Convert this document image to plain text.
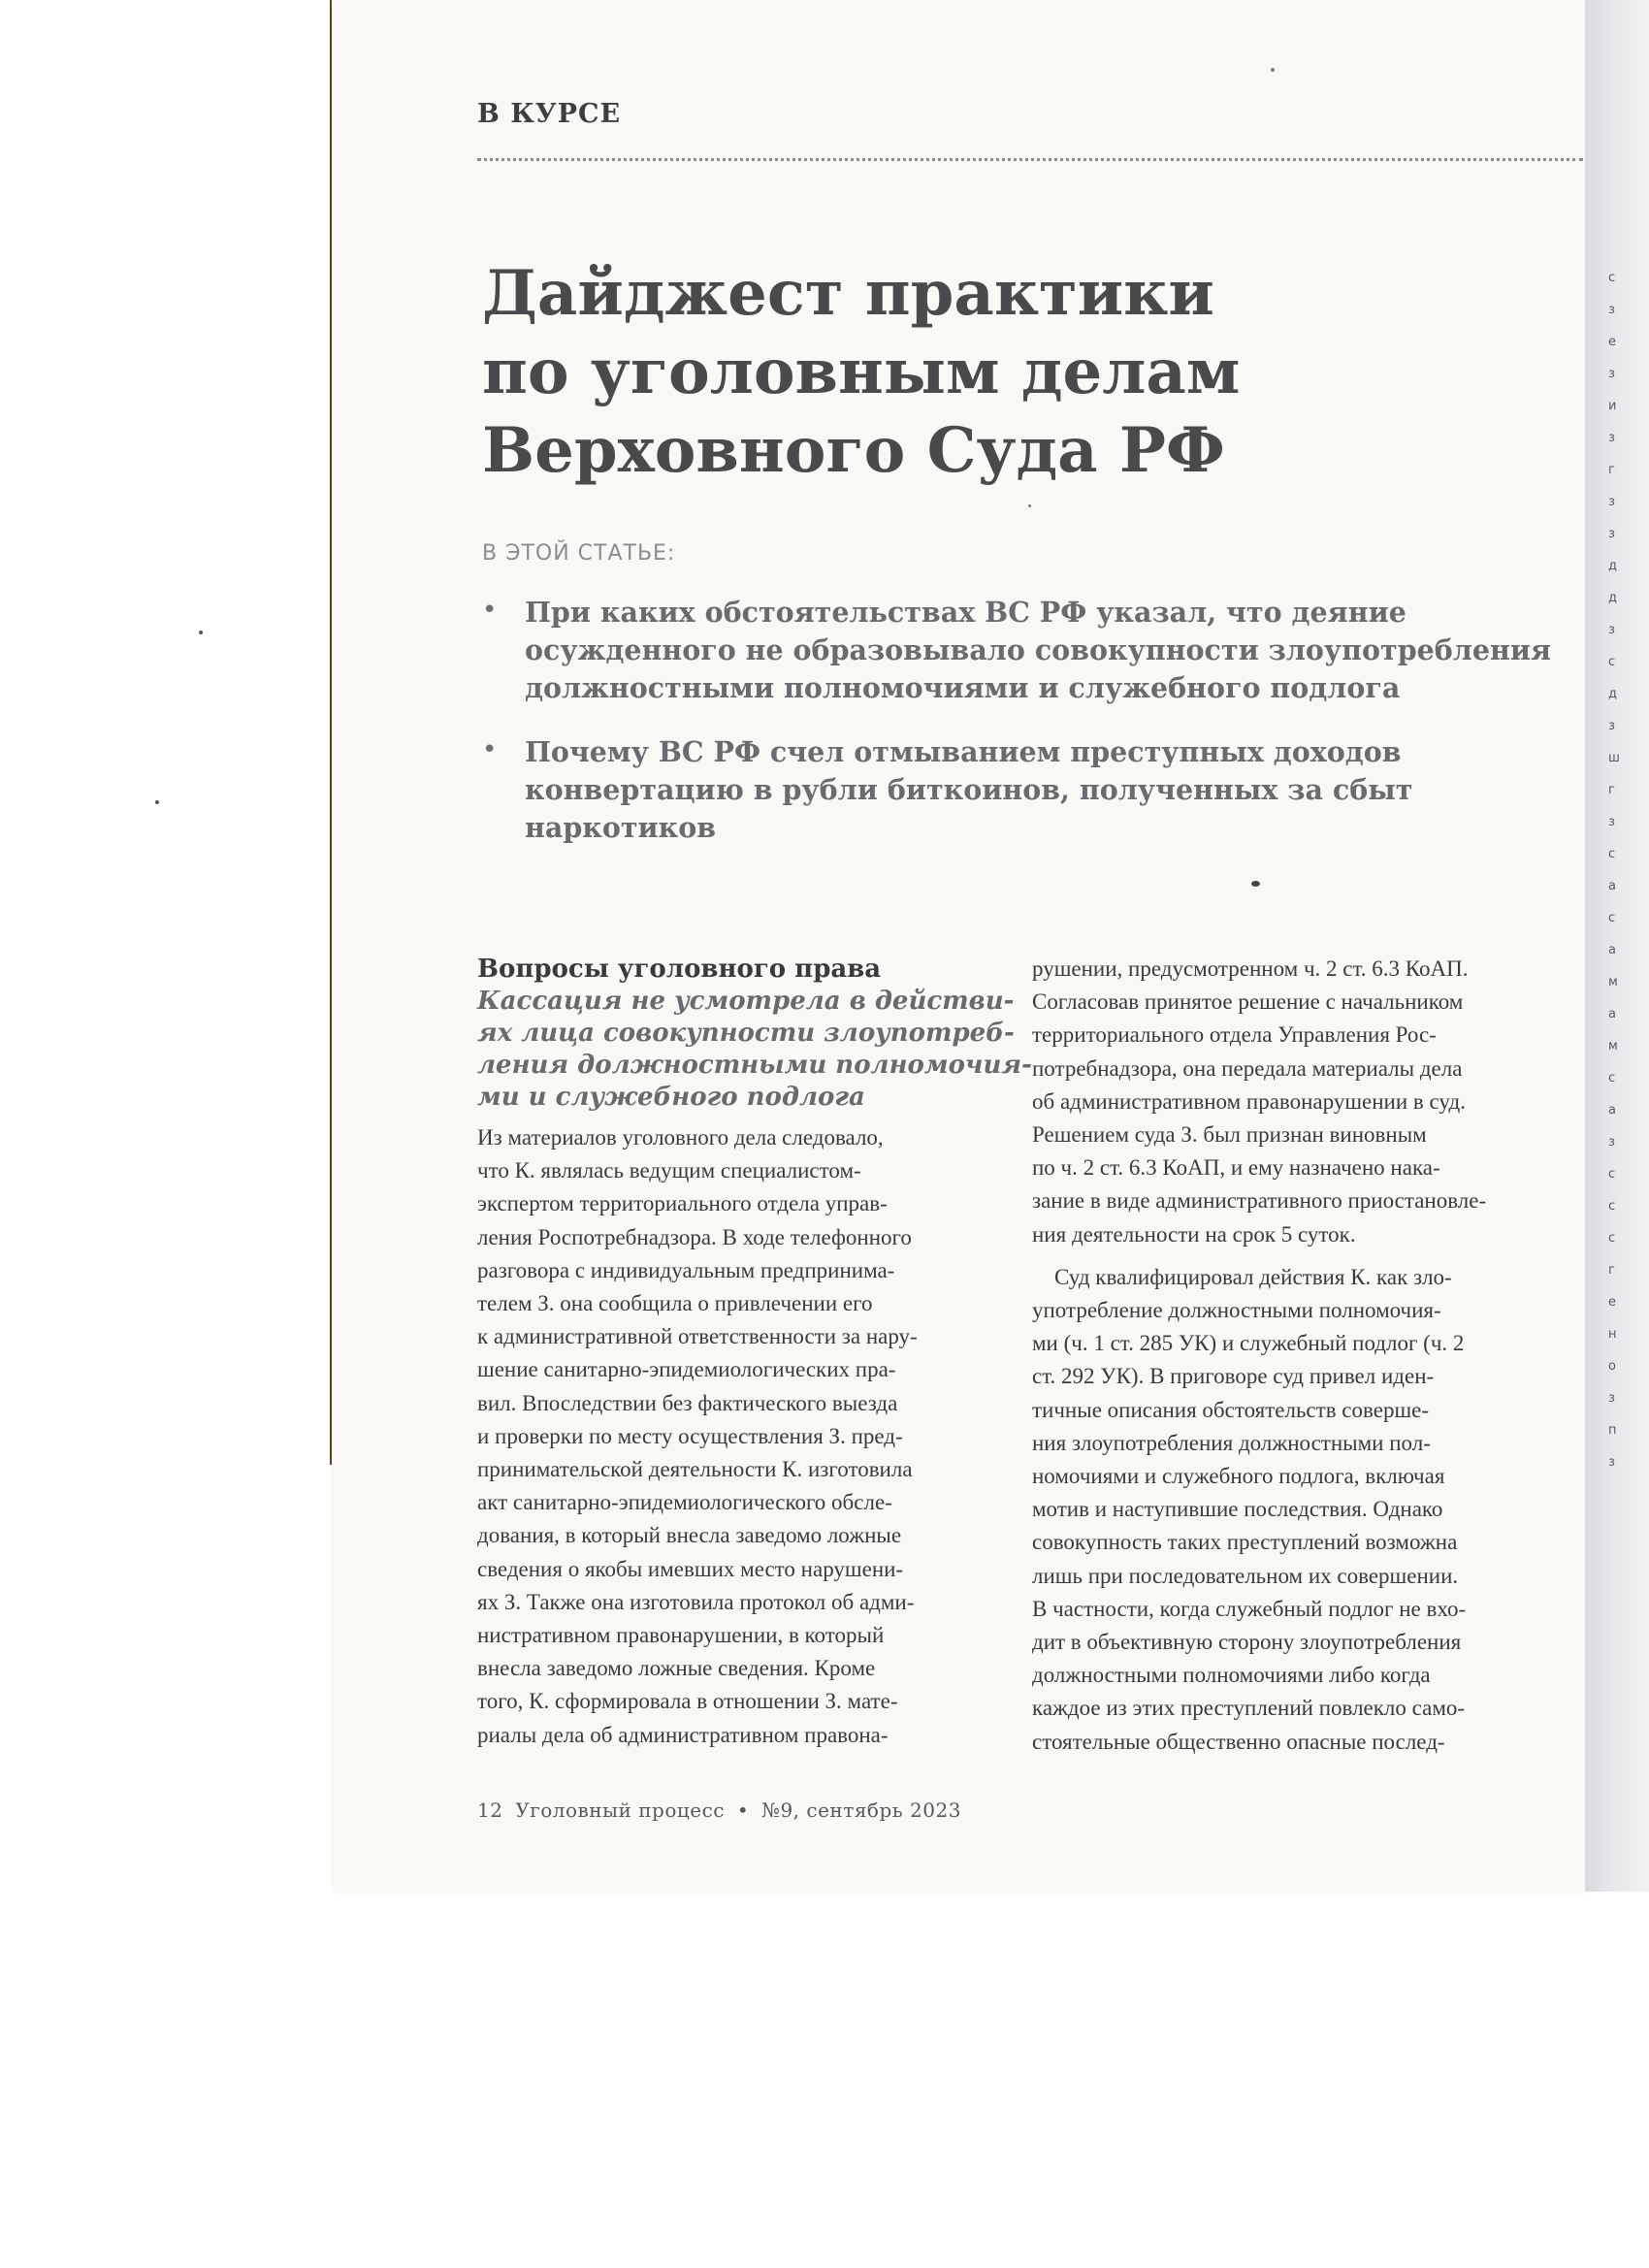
с
з
е
з
и
з
г
з
з
д
д
з
с
д
з
ш
г
з
с
а
с
а
м
а
м
с
а
з
с
с
с
г
е
н
о
з
п
з
В КУРСЕ
Дайджест практики
по уголовным делам
Верховного Суда РФ
В ЭТОЙ СТАТЬЕ:
• При каких обстоятельствах ВС РФ указал, что деяние
осужденного не образовывало совокупности злоупотребления
должностными полномочиями и служебного подлога
• Почему ВС РФ счел отмыванием преступных доходов
конвертацию в рубли биткоинов, полученных за сбыт
наркотиков
Вопросы уголовного права
Кассация не усмотрела в действи-
ях лица совокупности злоупотреб-
ления должностными полномочия-
ми и служебного подлога
Из материалов уголовного дела следовало,
что К. являлась ведущим специалистом-
экспертом территориального отдела управ-
ления Роспотребнадзора. В ходе телефонного
разговора с индивидуальным предпринима-
телем З. она сообщила о привлечении его
к административной ответственности за нару-
шение санитарно-эпидемиологических пра-
вил. Впоследствии без фактического выезда
и проверки по месту осуществления З. пред-
принимательской деятельности К. изготовила
акт санитарно-эпидемиологического обсле-
дования, в который внесла заведомо ложные
сведения о якобы имевших место нарушени-
ях З. Также она изготовила протокол об адми-
нистративном правонарушении, в который
внесла заведомо ложные сведения. Кроме
того, К. сформировала в отношении З. мате-
риалы дела об административном правона-
рушении, предусмотренном ч. 2 ст. 6.3 КоАП.
Согласовав принятое решение с начальником
территориального отдела Управления Рос-
потребнадзора, она передала материалы дела
об административном правонарушении в суд.
Решением суда З. был признан виновным
по ч. 2 ст. 6.3 КоАП, и ему назначено нака-
зание в виде административного приостановле-
ния деятельности на срок 5 суток.
Суд квалифицировал действия К. как зло-
употребление должностными полномочия-
ми (ч. 1 ст. 285 УК) и служебный подлог (ч. 2
ст. 292 УК). В приговоре суд привел иден-
тичные описания обстоятельств соверше-
ния злоупотребления должностными пол-
номочиями и служебного подлога, включая
мотив и наступившие последствия. Однако
совокупность таких преступлений возможна
лишь при последовательном их совершении.
В частности, когда служебный подлог не вхо-
дит в объективную сторону злоупотребления
должностными полномочиями либо когда
каждое из этих преступлений повлекло само-
стоятельные общественно опасные послед-
12 Уголовный процесс • №9, сентябрь 2023
